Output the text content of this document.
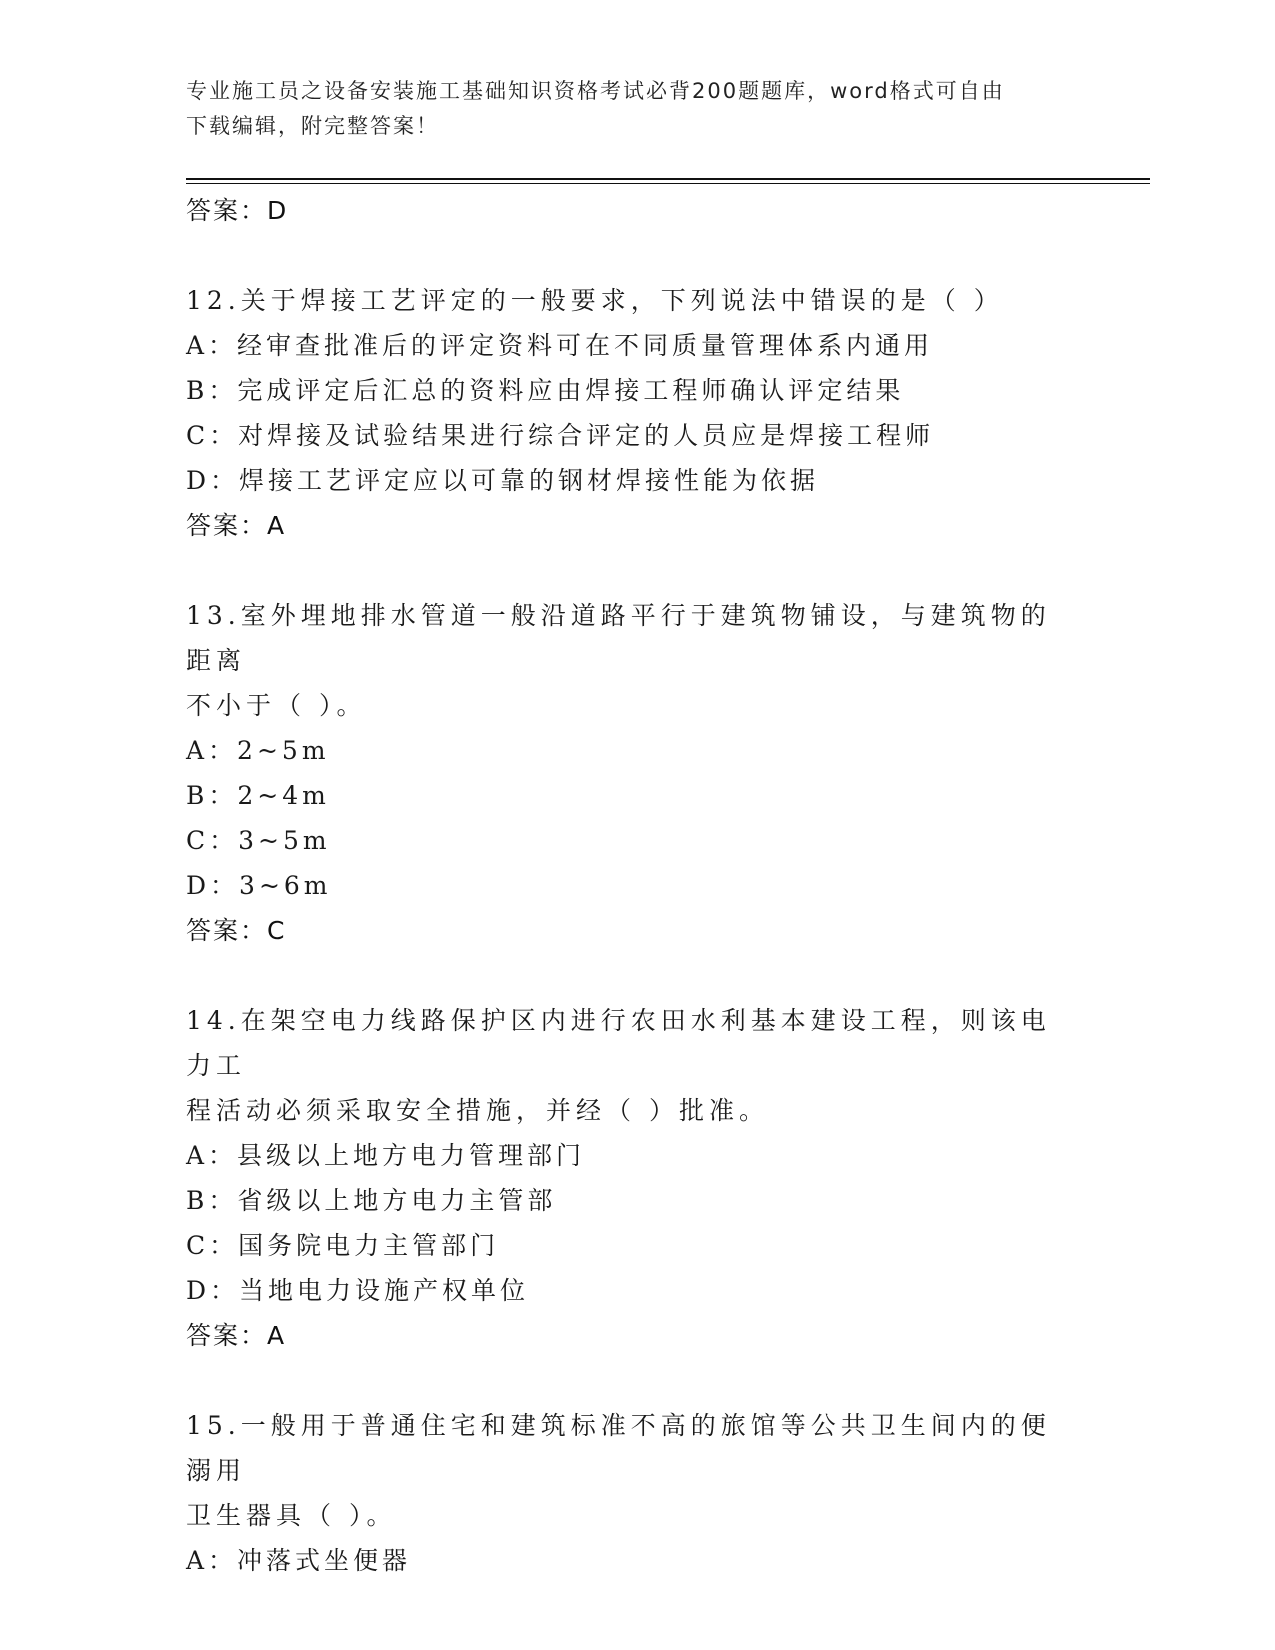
专业施工员之设备安装施工基础知识资格考试必背200题题库，word格式可自由
下载编辑，附完整答案！
答案：D
12.关于焊接工艺评定的一般要求，下列说法中错误的是（ ）
A：经审查批准后的评定资料可在不同质量管理体系内通用
B：完成评定后汇总的资料应由焊接工程师确认评定结果
C：对焊接及试验结果进行综合评定的人员应是焊接工程师
D：焊接工艺评定应以可靠的钢材焊接性能为依据
答案：A
13.室外埋地排水管道一般沿道路平行于建筑物铺设，与建筑物的距离
不小于（ ）。
A：2~5m
B：2~4m
C：3~5m
D：3~6m
答案：C
14.在架空电力线路保护区内进行农田水利基本建设工程，则该电力工
程活动必须采取安全措施，并经（ ）批准。
A：县级以上地方电力管理部门
B：省级以上地方电力主管部
C：国务院电力主管部门
D：当地电力设施产权单位
答案：A
15.一般用于普通住宅和建筑标准不高的旅馆等公共卫生间内的便溺用
卫生器具（ ）。
A：冲落式坐便器
